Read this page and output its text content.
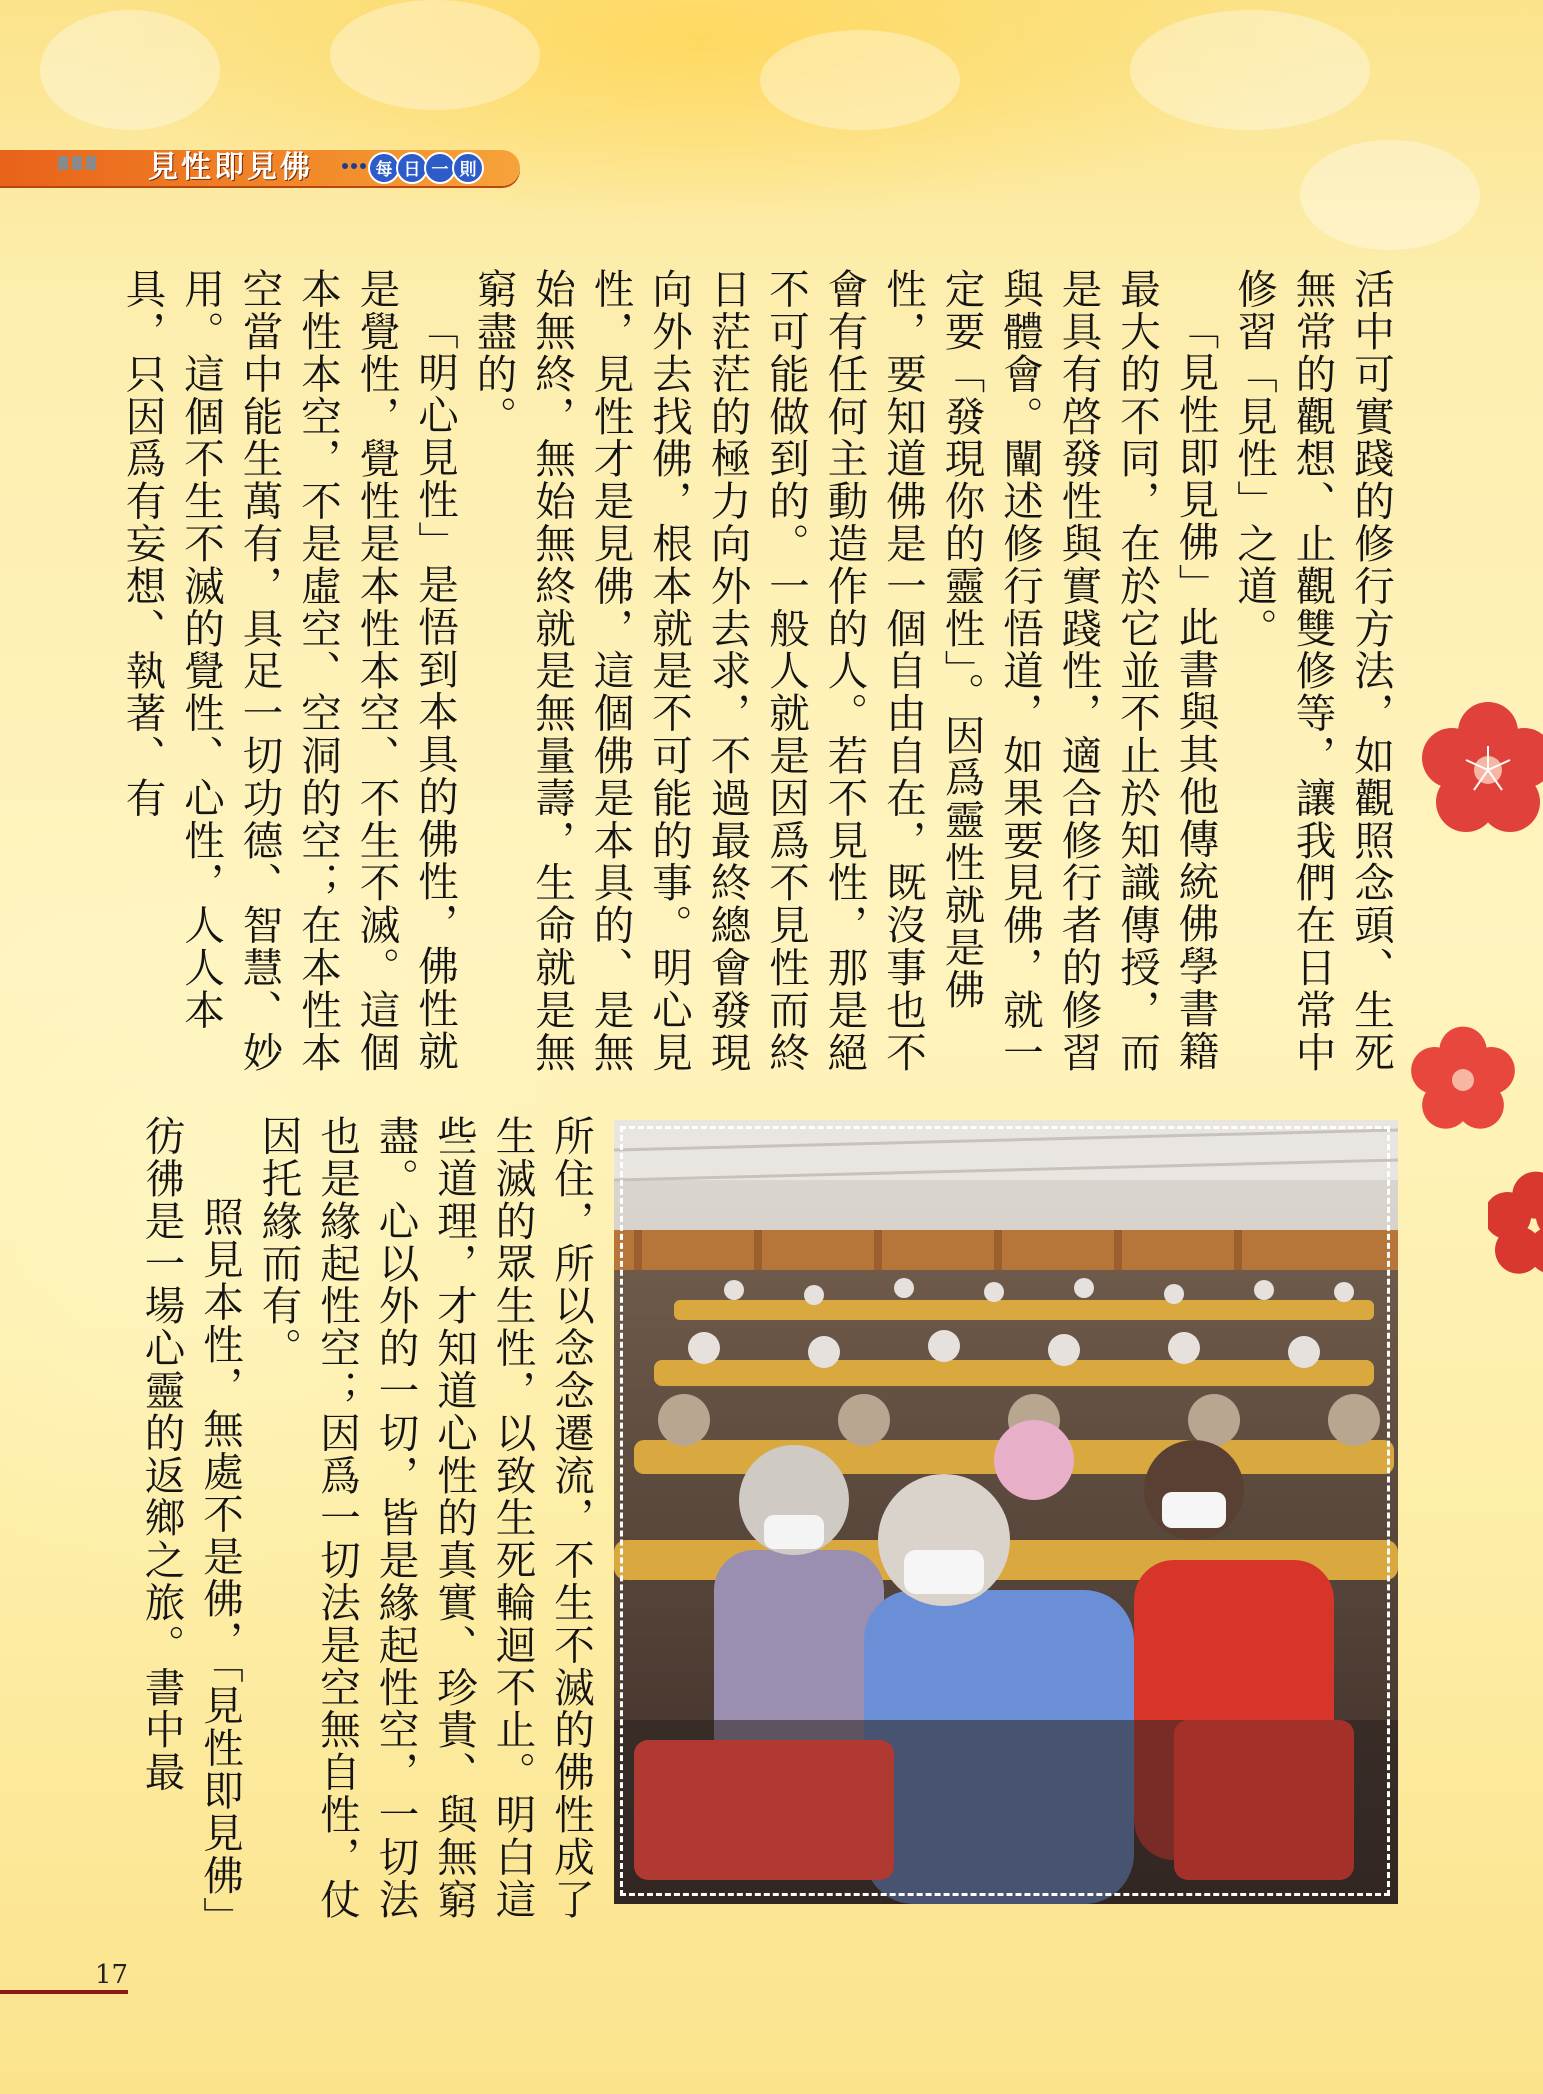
見性即見佛	每 日 一 則

活中可實踐的修行方法，如觀照念頭、生死無常的觀想、止觀雙修等，讓我們在日常中修習「見性」之道。

「見性即見佛」此書與其他傳統佛學書籍最大的不同，在於它並不止於知識傳授，而是具有啓發性與實踐性，適合修行者的修習與體會。闡述修行悟道，如果要見佛，就一定要「發現你的靈性」。因爲靈性就是佛性，要知道佛是一個自由自在，既沒事也不會有任何主動造作的人。若不見性，那是絕不可能做到的。一般人就是因爲不見性而終日茫茫的極力向外去求，不過最終總會發現向外去找佛，根本就是不可能的事。明心見性，見性才是見佛，這個佛是本具的、是無始無終，無始無終就是無量壽，生命就是無窮盡的。

「明心見性」是悟到本具的佛性，佛性就是覺性，覺性是本性本空、不生不滅。這個本性本空，不是虛空、空洞的空；在本性本空當中能生萬有，具足一切功德、智慧、妙用。這個不生不滅的覺性、心性，人人本具，只因爲有妄想、執著、有

所住，所以念念遷流，不生不滅的佛性成了生滅的眾生性，以致生死輪迴不止。明白這些道理，才知道心性的真實、珍貴、與無窮盡。心以外的一切，皆是緣起性空，一切法也是緣起性空；因爲一切法是空無自性，仗因托緣而有。

照見本性，無處不是佛，「見性即見佛」彷彿是一場心靈的返鄉之旅。書中最

17
